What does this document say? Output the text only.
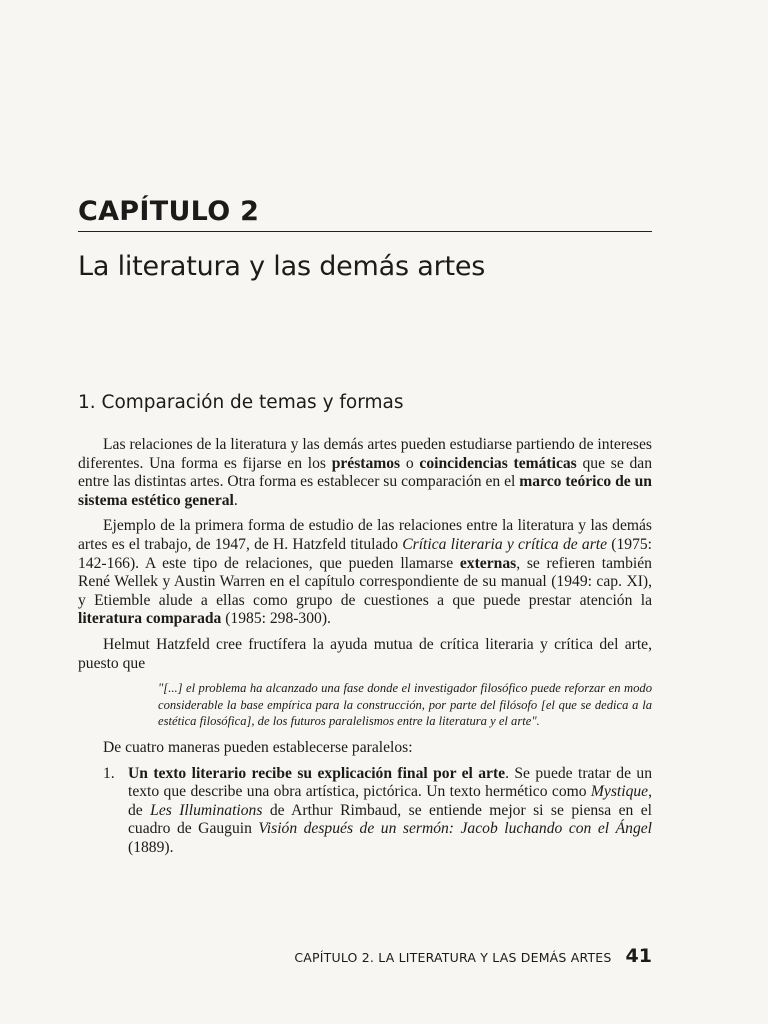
CAPÍTULO 2
La literatura y las demás artes
1. Comparación de temas y formas

Las relaciones de la literatura y las demás artes pueden estudiarse partiendo de intereses diferentes. Una forma es fijarse en los préstamos o coincidencias temáticas que se dan entre las distintas artes. Otra forma es establecer su comparación en el marco teórico de un sistema estético general.

Ejemplo de la primera forma de estudio de las relaciones entre la literatura y las demás artes es el trabajo, de 1947, de H. Hatzfeld titulado Crítica literaria y crítica de arte (1975: 142-166). A este tipo de relaciones, que pueden llamarse externas, se refieren también René Wellek y Austin Warren en el capítulo correspondiente de su manual (1949: cap. XI), y Etiemble alude a ellas como grupo de cuestiones a que puede prestar atención la literatura comparada (1985: 298-300).

Helmut Hatzfeld cree fructífera la ayuda mutua de crítica literaria y crítica del arte, puesto que

"[...] el problema ha alcanzado una fase donde el investigador filosófico puede reforzar en modo considerable la base empírica para la construcción, por parte del filósofo [el que se dedica a la estética filosófica], de los futuros paralelismos entre la literatura y el arte".

De cuatro maneras pueden establecerse paralelos:

1. Un texto literario recibe su explicación final por el arte. Se puede tratar de un texto que describe una obra artística, pictórica. Un texto hermético como Mystique, de Les Illuminations de Arthur Rimbaud, se entiende mejor si se piensa en el cuadro de Gauguin Visión después de un sermón: Jacob luchando con el Ángel (1889).
CAPÍTULO 2. LA LITERATURA Y LAS DEMÁS ARTES 41
